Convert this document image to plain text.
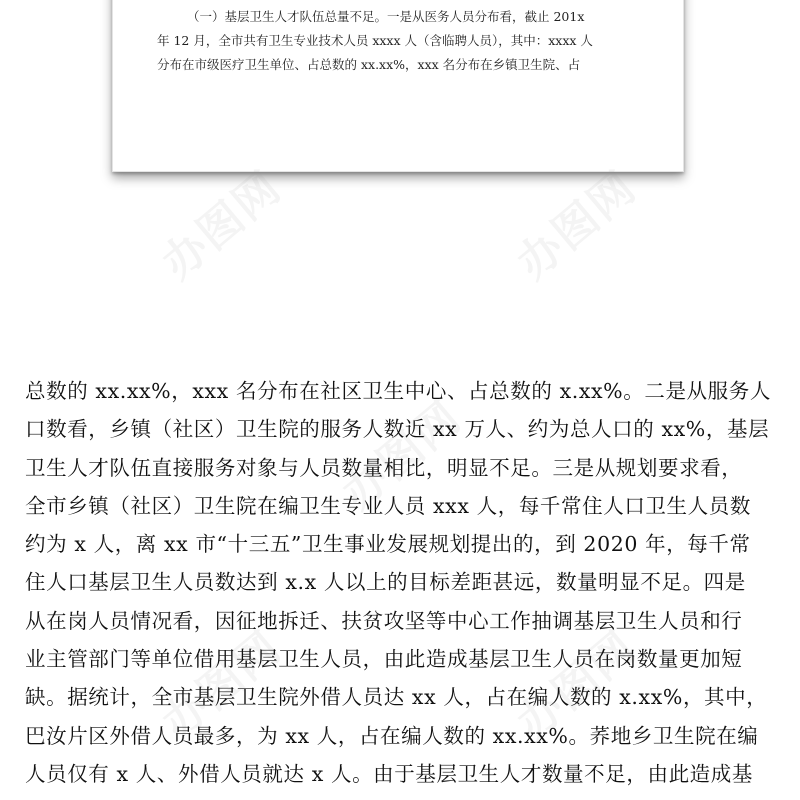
（一）基层卫生人才队伍总量不足。一是从医务人员分布看，截止 201x
年 12 月，全市共有卫生专业技术人员 xxxx 人（含临聘人员），其中：xxxx 人
分布在市级医疗卫生单位、占总数的 xx.xx%，xxx 名分布在乡镇卫生院、占
办图网	办图网
办图网
办图网	办图网
总数的 xx.xx%，xxx 名分布在社区卫生中心、占总数的 x.xx%。二是从服务人
口数看，乡镇（社区）卫生院的服务人数近 xx 万人、约为总人口的 xx%，基层
卫生人才队伍直接服务对象与人员数量相比，明显不足。三是从规划要求看，
全市乡镇（社区）卫生院在编卫生专业人员 xxx 人，每千常住人口卫生人员数
约为 x 人，离 xx 市“十三五”卫生事业发展规划提出的，到 2020 年，每千常
住人口基层卫生人员数达到 x.x 人以上的目标差距甚远，数量明显不足。四是
从在岗人员情况看，因征地拆迁、扶贫攻坚等中心工作抽调基层卫生人员和行
业主管部门等单位借用基层卫生人员，由此造成基层卫生人员在岗数量更加短
缺。据统计，全市基层卫生院外借人员达 xx 人，占在编人数的 x.xx%，其中，
巴汝片区外借人员最多，为 xx 人，占在编人数的 xx.xx%。荞地乡卫生院在编
人员仅有 x 人、外借人员就达 x 人。由于基层卫生人才数量不足，由此造成基
